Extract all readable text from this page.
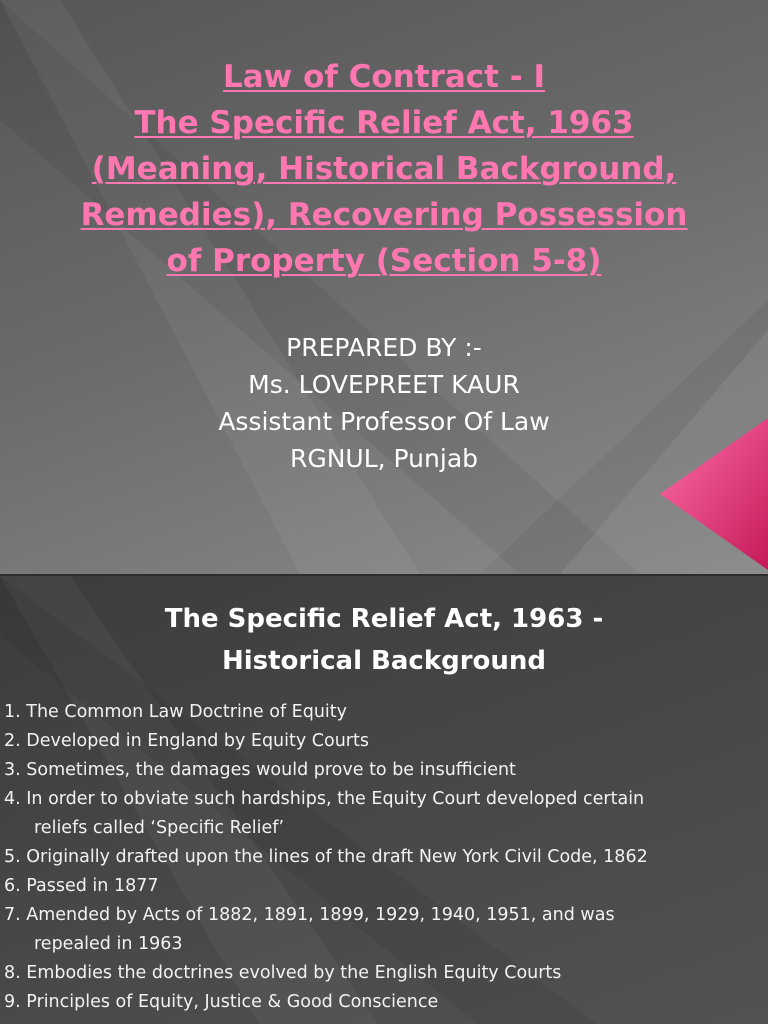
Law of Contract - I
The Specific Relief Act, 1963
(Meaning, Historical Background,
Remedies), Recovering Possession
of Property (Section 5-8)
PREPARED BY :-
Ms. LOVEPREET KAUR
Assistant Professor Of Law
RGNUL, Punjab
The Specific Relief Act, 1963 -
Historical Background
1. The Common Law Doctrine of Equity
2. Developed in England by Equity Courts
3. Sometimes, the damages would prove to be insufficient
4. In order to obviate such hardships, the Equity Court developed certain
reliefs called ‘Specific Relief’
5. Originally drafted upon the lines of the draft New York Civil Code, 1862
6. Passed in 1877
7. Amended by Acts of 1882, 1891, 1899, 1929, 1940, 1951, and was
repealed in 1963
8. Embodies the doctrines evolved by the English Equity Courts
9. Principles of Equity, Justice & Good Conscience
